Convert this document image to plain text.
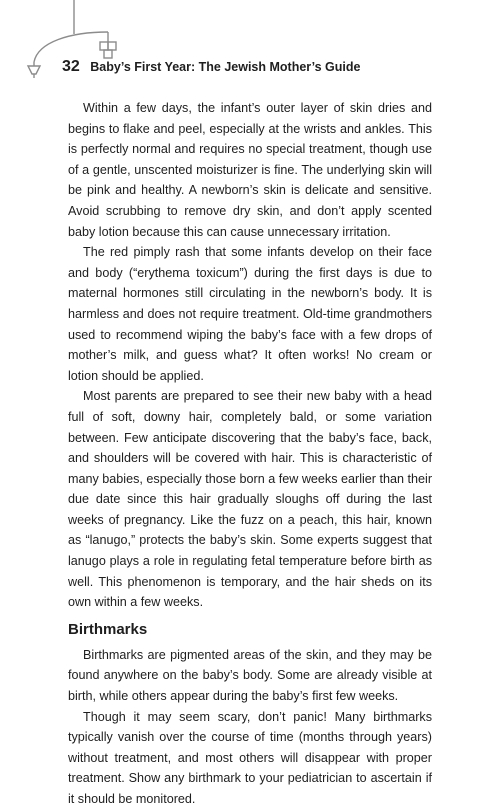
32 Baby’s First Year: The Jewish Mother’s Guide

Within a few days, the infant’s outer layer of skin dries and begins to flake and peel, especially at the wrists and ankles. This is perfectly normal and requires no special treatment, though use of a gentle, unscented moisturizer is fine. The underlying skin will be pink and healthy. A newborn’s skin is delicate and sensitive. Avoid scrubbing to remove dry skin, and don’t apply scented baby lotion because this can cause unnecessary irritation.

The red pimply rash that some infants develop on their face and body (“erythema toxicum”) during the first days is due to maternal hormones still circulating in the newborn’s body. It is harmless and does not require treatment. Old-time grandmothers used to recommend wiping the baby’s face with a few drops of mother’s milk, and guess what? It often works! No cream or lotion should be applied.

Most parents are prepared to see their new baby with a head full of soft, downy hair, completely bald, or some variation between. Few anticipate discovering that the baby’s face, back, and shoulders will be covered with hair. This is characteristic of many babies, especially those born a few weeks earlier than their due date since this hair gradually sloughs off during the last weeks of pregnancy. Like the fuzz on a peach, this hair, known as “lanugo,” protects the baby’s skin. Some experts suggest that lanugo plays a role in regulating fetal temperature before birth as well. This phenomenon is temporary, and the hair sheds on its own within a few weeks.

Birthmarks

Birthmarks are pigmented areas of the skin, and they may be found anywhere on the baby’s body. Some are already visible at birth, while others appear during the baby’s first few weeks.

Though it may seem scary, don’t panic! Many birthmarks typically vanish over the course of time (months through years) without treatment, and most others will disappear with proper treatment. Show any birthmark to your pediatrician to ascertain if it should be monitored.
